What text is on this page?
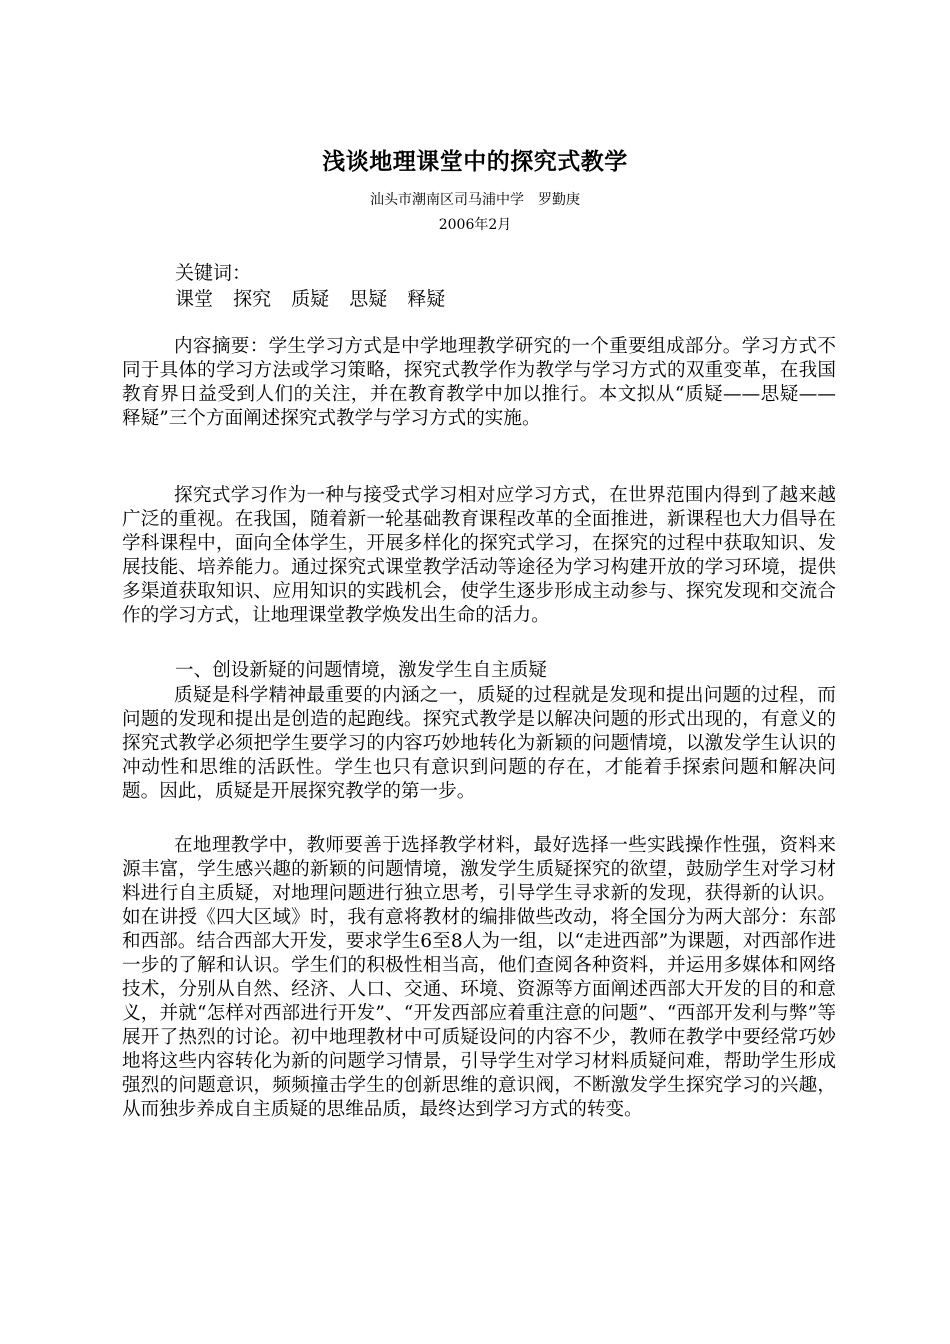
浅谈地理课堂中的探究式教学
汕头市潮南区司马浦中学　罗勤庚
2006年2月
关键词：
课堂 探究 质疑 思疑 释疑

内容摘要：学生学习方式是中学地理教学研究的一个重要组成部分。学习方式不同于具体的学习方法或学习策略，探究式教学作为教学与学习方式的双重变革，在我国教育界日益受到人们的关注，并在教育教学中加以推行。本文拟从“质疑——思疑——释疑”三个方面阐述探究式教学与学习方式的实施。

探究式学习作为一种与接受式学习相对应学习方式，在世界范围内得到了越来越广泛的重视。在我国，随着新一轮基础教育课程改革的全面推进，新课程也大力倡导在学科课程中，面向全体学生，开展多样化的探究式学习，在探究的过程中获取知识、发展技能、培养能力。通过探究式课堂教学活动等途径为学习构建开放的学习环境，提供多渠道获取知识、应用知识的实践机会，使学生逐步形成主动参与、探究发现和交流合作的学习方式，让地理课堂教学焕发出生命的活力。

一、创设新疑的问题情境，激发学生自主质疑

质疑是科学精神最重要的内涵之一，质疑的过程就是发现和提出问题的过程，而问题的发现和提出是创造的起跑线。探究式教学是以解决问题的形式出现的，有意义的探究式教学必须把学生要学习的内容巧妙地转化为新颖的问题情境，以激发学生认识的冲动性和思维的活跃性。学生也只有意识到问题的存在，才能着手探索问题和解决问题。因此，质疑是开展探究教学的第一步。

在地理教学中，教师要善于选择教学材料，最好选择一些实践操作性强，资料来源丰富，学生感兴趣的新颖的问题情境，激发学生质疑探究的欲望，鼓励学生对学习材料进行自主质疑，对地理问题进行独立思考，引导学生寻求新的发现，获得新的认识。如在讲授《四大区域》时，我有意将教材的编排做些改动，将全国分为两大部分：东部和西部。结合西部大开发，要求学生6至8人为一组，以“走进西部”为课题，对西部作进一步的了解和认识。学生们的积极性相当高，他们查阅各种资料，并运用多媒体和网络技术，分别从自然、经济、人口、交通、环境、资源等方面阐述西部大开发的目的和意义，并就“怎样对西部进行开发”、“开发西部应着重注意的问题”、“西部开发利与弊”等展开了热烈的讨论。初中地理教材中可质疑设问的内容不少，教师在教学中要经常巧妙地将这些内容转化为新的问题学习情景，引导学生对学习材料质疑问难，帮助学生形成强烈的问题意识，频频撞击学生的创新思维的意识阀，不断激发学生探究学习的兴趣，从而独步养成自主质疑的思维品质，最终达到学习方式的转变。
